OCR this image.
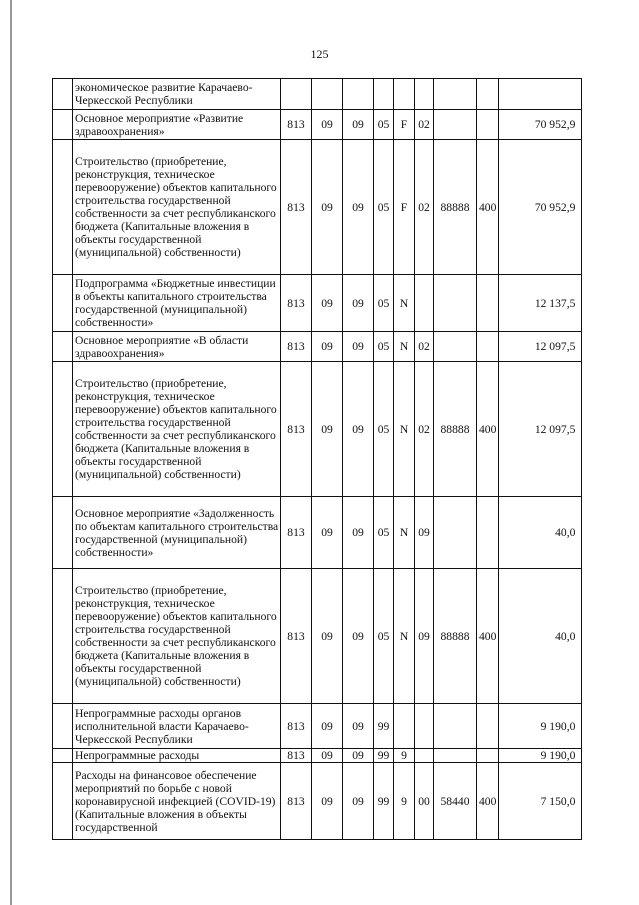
125
	экономическое развитие Карачаево-Черкесской Республики									
	Основное мероприятие «Развитие здравоохранения»	813	09	09	05	F	02			70 952,9
	Строительство (приобретение, реконструкция, техническое перевооружение) объектов капитального строительства государственной собственности за счет республиканского бюджета (Капитальные вложения в объекты государственной (муниципальной) собственности)	813	09	09	05	F	02	88888	400	70 952,9
	Подпрограмма «Бюджетные инвестиции в объекты капитального строительства государственной (муниципальной) собственности»	813	09	09	05	N				12 137,5
	Основное мероприятие «В области здравоохранения»	813	09	09	05	N	02			12 097,5
	Строительство (приобретение, реконструкция, техническое перевооружение) объектов капитального строительства государственной собственности за счет республиканского бюджета (Капитальные вложения в объекты государственной (муниципальной) собственности)	813	09	09	05	N	02	88888	400	12 097,5
	Основное мероприятие «Задолженность по объектам капитального строительства государственной (муниципальной) собственности»	813	09	09	05	N	09			40,0
	Строительство (приобретение, реконструкция, техническое перевооружение) объектов капитального строительства государственной собственности за счет республиканского бюджета (Капитальные вложения в объекты государственной (муниципальной) собственности)	813	09	09	05	N	09	88888	400	40,0
	Непрограммные расходы органов исполнительной власти Карачаево-Черкесской Республики	813	09	09	99					9 190,0
	Непрограммные расходы	813	09	09	99	9				9 190,0
	Расходы на финансовое обеспечение мероприятий по борьбе с новой коронавирусной инфекцией (COVID-19) (Капитальные вложения в объекты государственной	813	09	09	99	9	00	58440	400	7 150,0
